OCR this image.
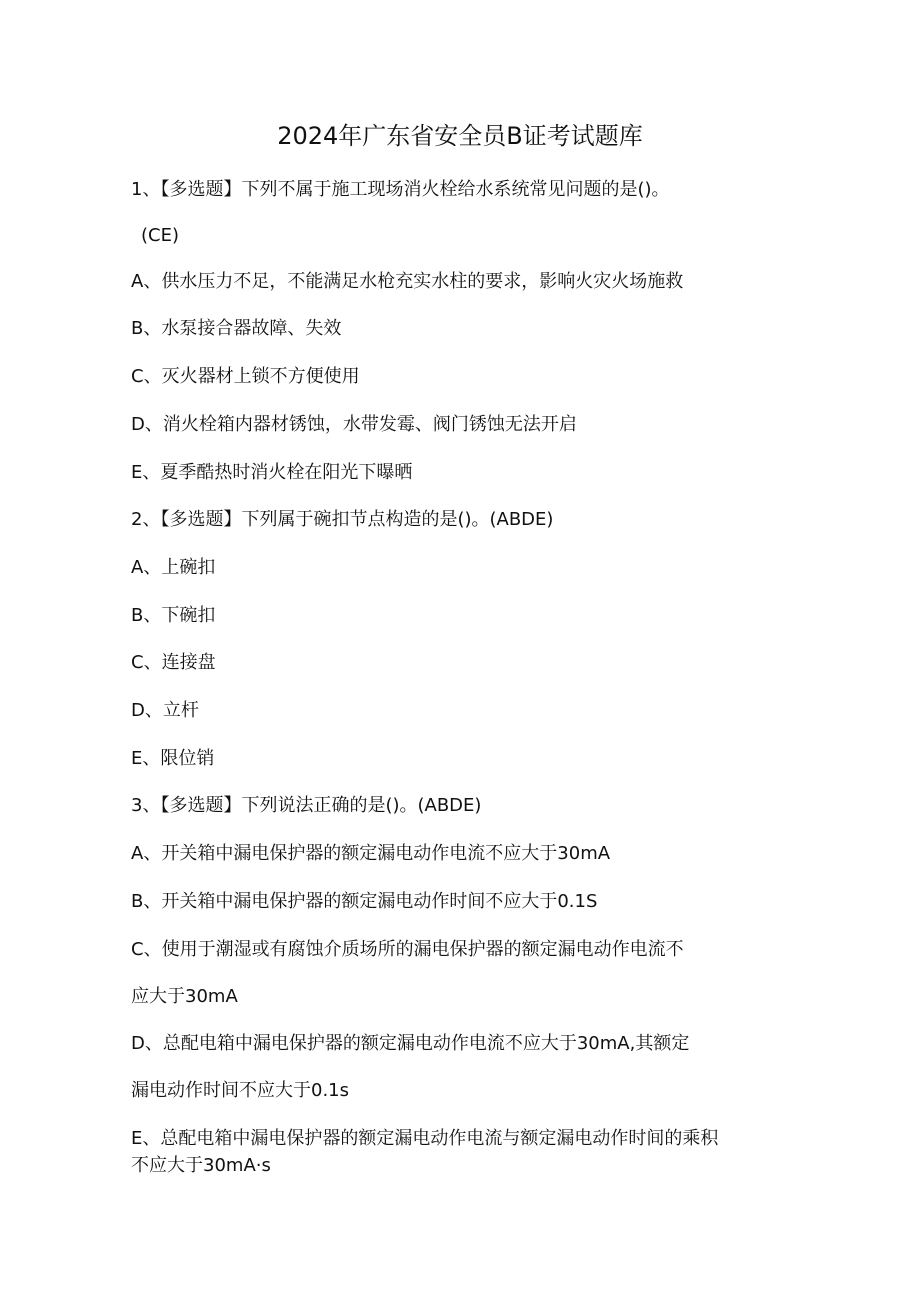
2024年广东省安全员B证考试题库
1、【多选题】下列不属于施工现场消火栓给水系统常见问题的是()。
(CE)
A、供水压力不足，不能满足水枪充实水柱的要求，影响火灾火场施救
B、水泵接合器故障、失效
C、灭火器材上锁不方便使用
D、消火栓箱内器材锈蚀，水带发霉、阀门锈蚀无法开启
E、夏季酷热时消火栓在阳光下曝晒
2、【多选题】下列属于碗扣节点构造的是()。(ABDE)
A、上碗扣
B、下碗扣
C、连接盘
D、立杆
E、限位销
3、【多选题】下列说法正确的是()。(ABDE)
A、开关箱中漏电保护器的额定漏电动作电流不应大于30mA
B、开关箱中漏电保护器的额定漏电动作时间不应大于0.1S
C、使用于潮湿或有腐蚀介质场所的漏电保护器的额定漏电动作电流不
应大于30mA
D、总配电箱中漏电保护器的额定漏电动作电流不应大于30mA,其额定
漏电动作时间不应大于0.1s
E、总配电箱中漏电保护器的额定漏电动作电流与额定漏电动作时间的乘积
不应大于30mA·s
